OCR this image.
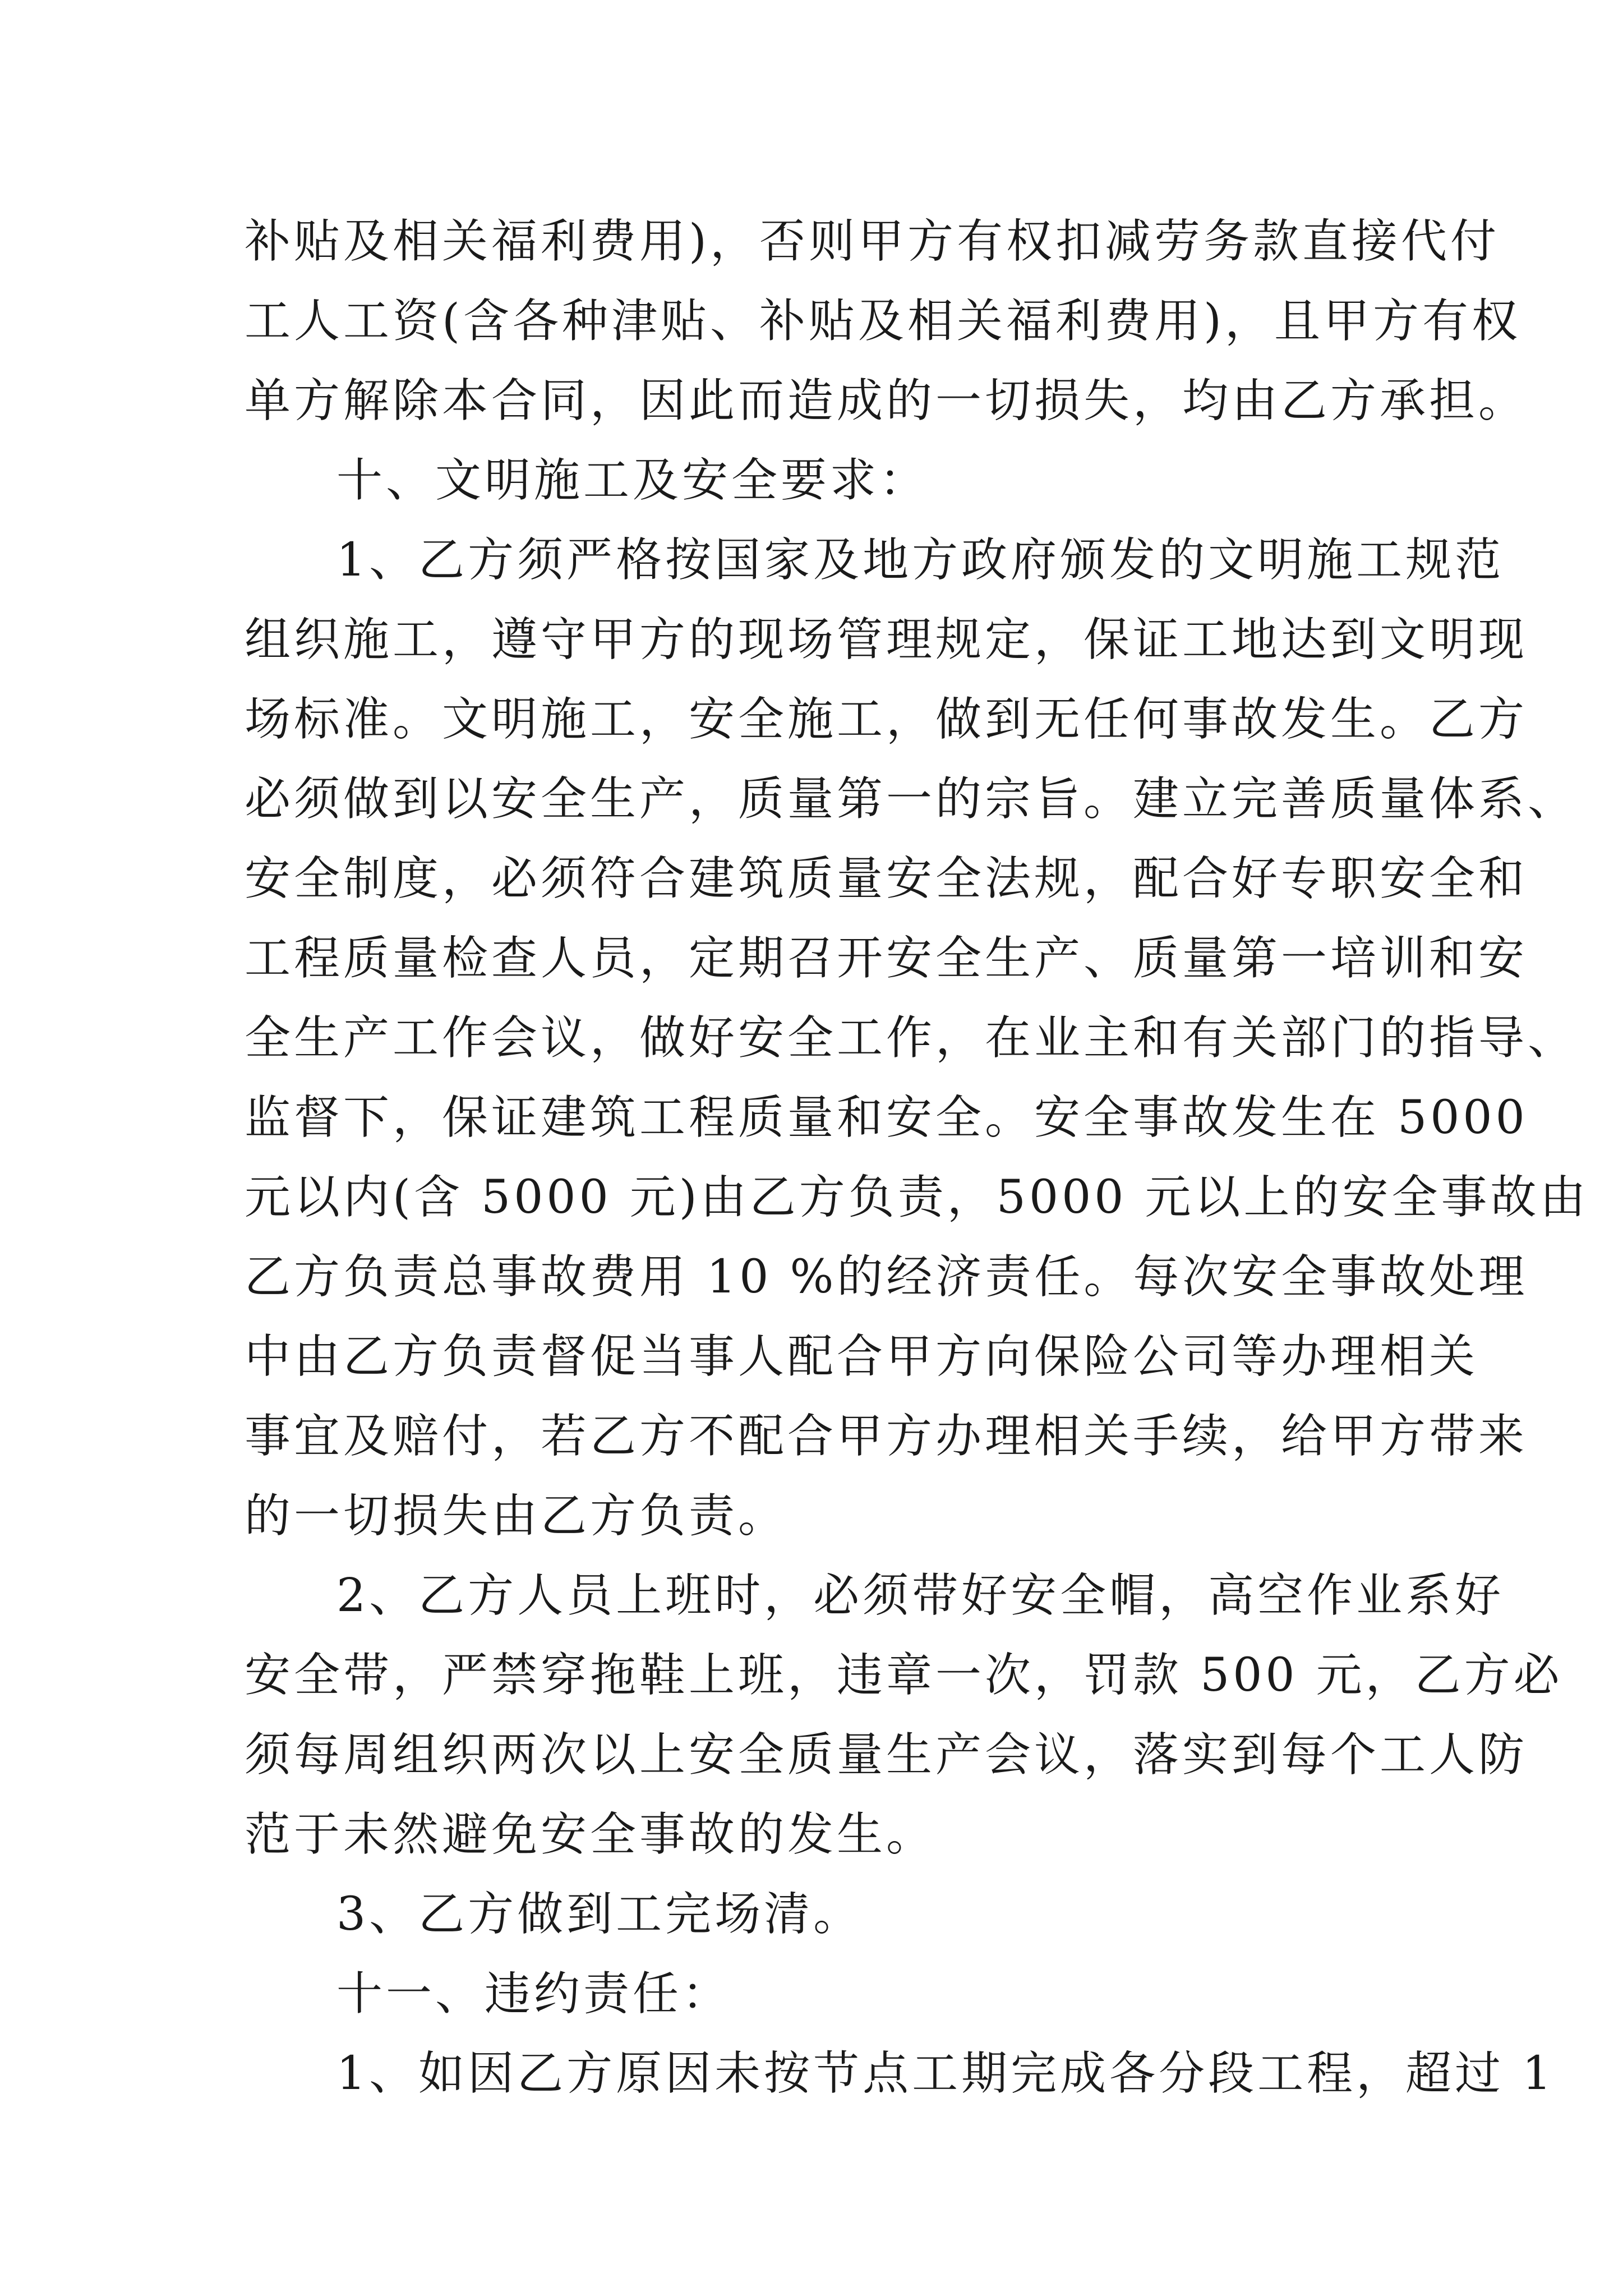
补贴及相关福利费用)，否则甲方有权扣减劳务款直接代付
工人工资(含各种津贴、补贴及相关福利费用)，且甲方有权
单方解除本合同，因此而造成的一切损失，均由乙方承担。
十、文明施工及安全要求：
1、乙方须严格按国家及地方政府颁发的文明施工规范
组织施工，遵守甲方的现场管理规定，保证工地达到文明现
场标准。文明施工，安全施工，做到无任何事故发生。乙方
必须做到以安全生产，质量第一的宗旨。建立完善质量体系、
安全制度，必须符合建筑质量安全法规，配合好专职安全和
工程质量检查人员，定期召开安全生产、质量第一培训和安
全生产工作会议，做好安全工作，在业主和有关部门的指导、
监督下，保证建筑工程质量和安全。安全事故发生在 5000
元以内(含 5000 元)由乙方负责，5000 元以上的安全事故由
乙方负责总事故费用 10 %的经济责任。每次安全事故处理
中由乙方负责督促当事人配合甲方向保险公司等办理相关
事宜及赔付，若乙方不配合甲方办理相关手续，给甲方带来
的一切损失由乙方负责。
2、乙方人员上班时，必须带好安全帽，高空作业系好
安全带，严禁穿拖鞋上班，违章一次，罚款 500 元，乙方必
须每周组织两次以上安全质量生产会议，落实到每个工人防
范于未然避免安全事故的发生。
3、乙方做到工完场清。
十一、违约责任：
1、如因乙方原因未按节点工期完成各分段工程，超过 1
